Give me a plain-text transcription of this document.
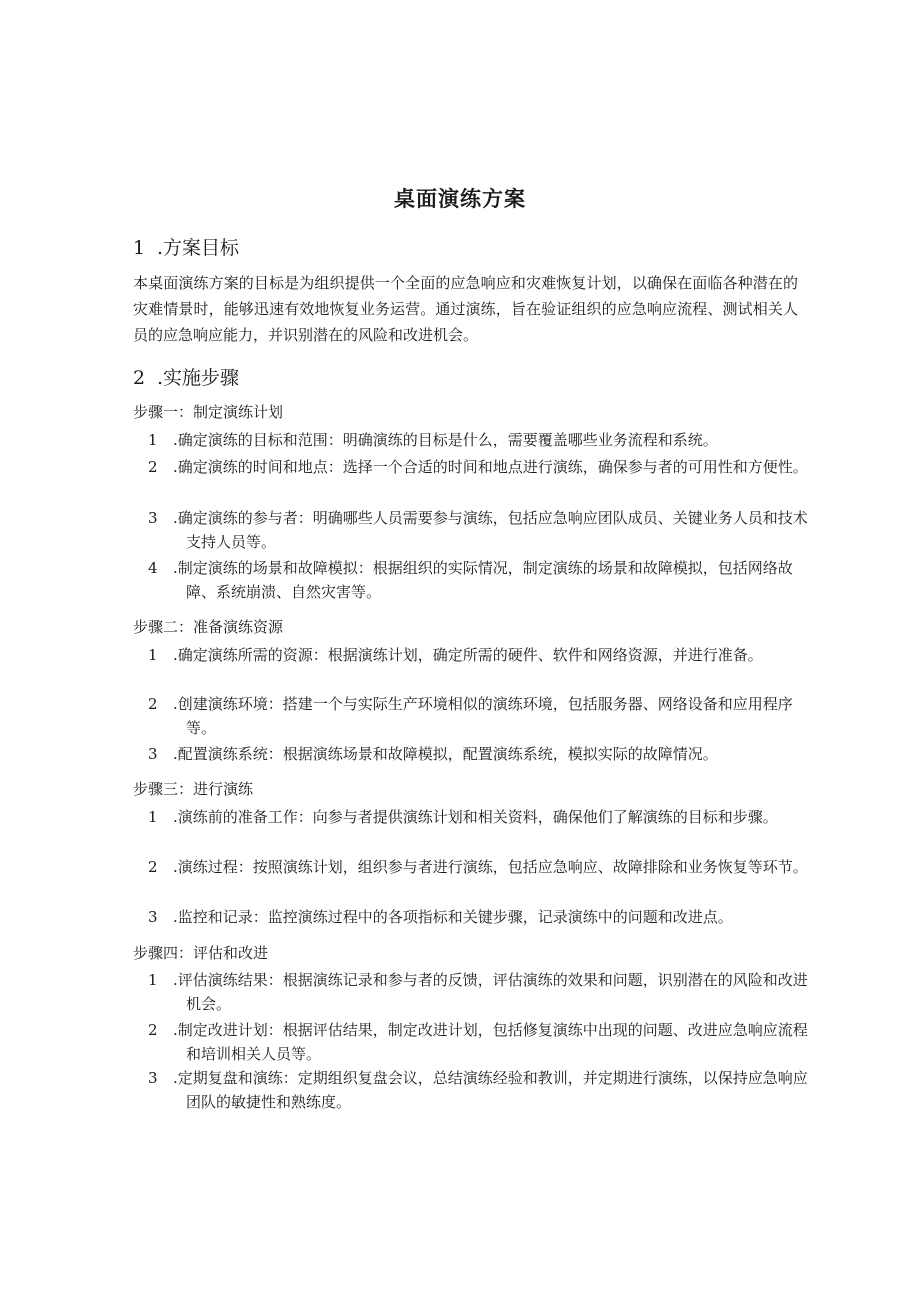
桌面演练方案
1 .方案目标
本桌面演练方案的目标是为组织提供一个全面的应急响应和灾难恢复计划，以确保在面临各种潜在的灾难情景时，能够迅速有效地恢复业务运营。通过演练，旨在验证组织的应急响应流程、测试相关人员的应急响应能力，并识别潜在的风险和改进机会。
2 .实施步骤
步骤一：制定演练计划
1	.确定演练的目标和范围：明确演练的目标是什么，需要覆盖哪些业务流程和系统。
2	.确定演练的时间和地点：选择一个合适的时间和地点进行演练，确保参与者的可用性和方便性。
3	.确定演练的参与者：明确哪些人员需要参与演练，包括应急响应团队成员、关键业务人员和技术支持人员等。
4	.制定演练的场景和故障模拟：根据组织的实际情况，制定演练的场景和故障模拟，包括网络故障、系统崩溃、自然灾害等。
步骤二：准备演练资源
1	.确定演练所需的资源：根据演练计划，确定所需的硬件、软件和网络资源，并进行准备。
2	.创建演练环境：搭建一个与实际生产环境相似的演练环境，包括服务器、网络设备和应用程序等。
3	.配置演练系统：根据演练场景和故障模拟，配置演练系统，模拟实际的故障情况。
步骤三：进行演练
1	.演练前的准备工作：向参与者提供演练计划和相关资料，确保他们了解演练的目标和步骤。
2	.演练过程：按照演练计划，组织参与者进行演练，包括应急响应、故障排除和业务恢复等环节。
3	.监控和记录：监控演练过程中的各项指标和关键步骤，记录演练中的问题和改进点。
步骤四：评估和改进
1	.评估演练结果：根据演练记录和参与者的反馈，评估演练的效果和问题，识别潜在的风险和改进机会。
2	.制定改进计划：根据评估结果，制定改进计划，包括修复演练中出现的问题、改进应急响应流程和培训相关人员等。
3	.定期复盘和演练：定期组织复盘会议，总结演练经验和教训，并定期进行演练，以保持应急响应团队的敏捷性和熟练度。
